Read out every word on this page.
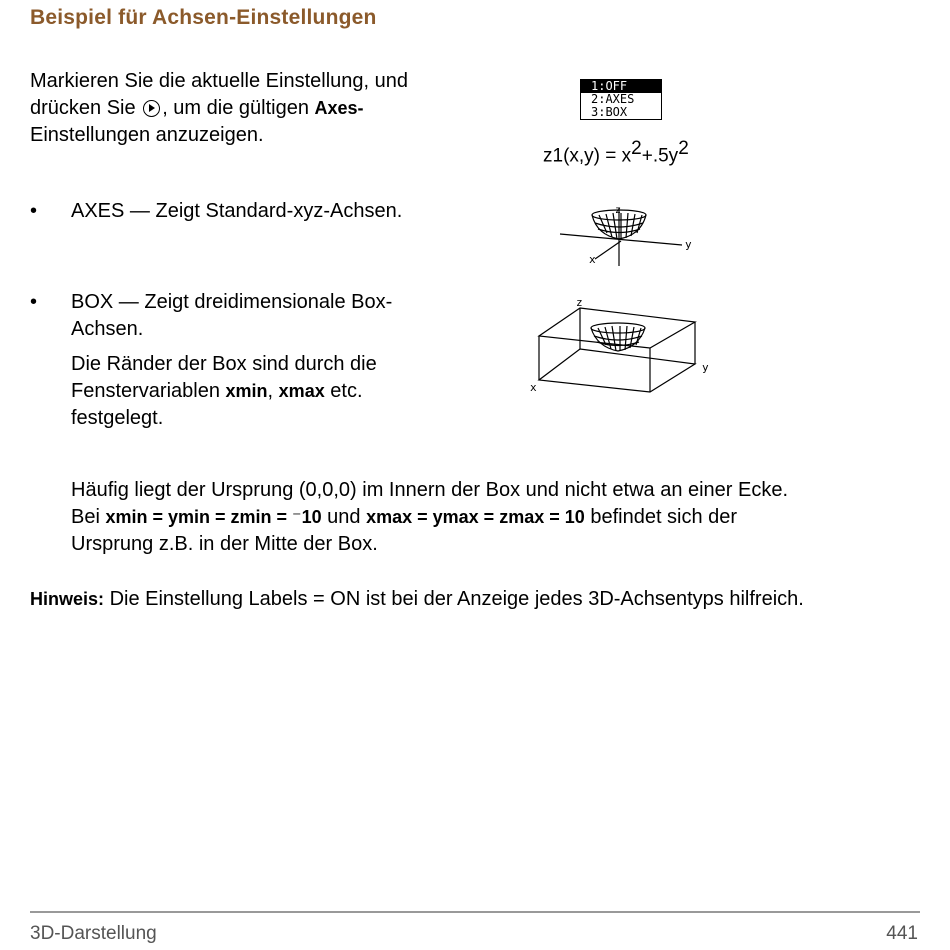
Beispiel für Achsen-Einstellungen
Markieren Sie die aktuelle Einstellung, und
drücken Sie , um die gültigen Axes-
Einstellungen anzuzeigen.
1:OFF
2:AXES
3:BOX
$z1(x,y) = x^2+.5y^2$
• AXES — Zeigt Standard-xyz-Achsen.
y
x
z
• BOX — Zeigt dreidimensionale Box-
Achsen.
Die Ränder der Box sind durch die
Fenstervariablen xmin, xmax etc.
festgelegt.
y
x
z
Häufig liegt der Ursprung (0,0,0) im Innern der Box und nicht etwa an einer Ecke.
Bei xmin = ymin = zmin = ⁻10 und xmax = ymax = zmax = 10 befindet sich der
Ursprung z.B. in der Mitte der Box.
Hinweis: Die Einstellung Labels = ON ist bei der Anzeige jedes 3D-Achsentyps hilfreich.
3D-Darstellung	441
